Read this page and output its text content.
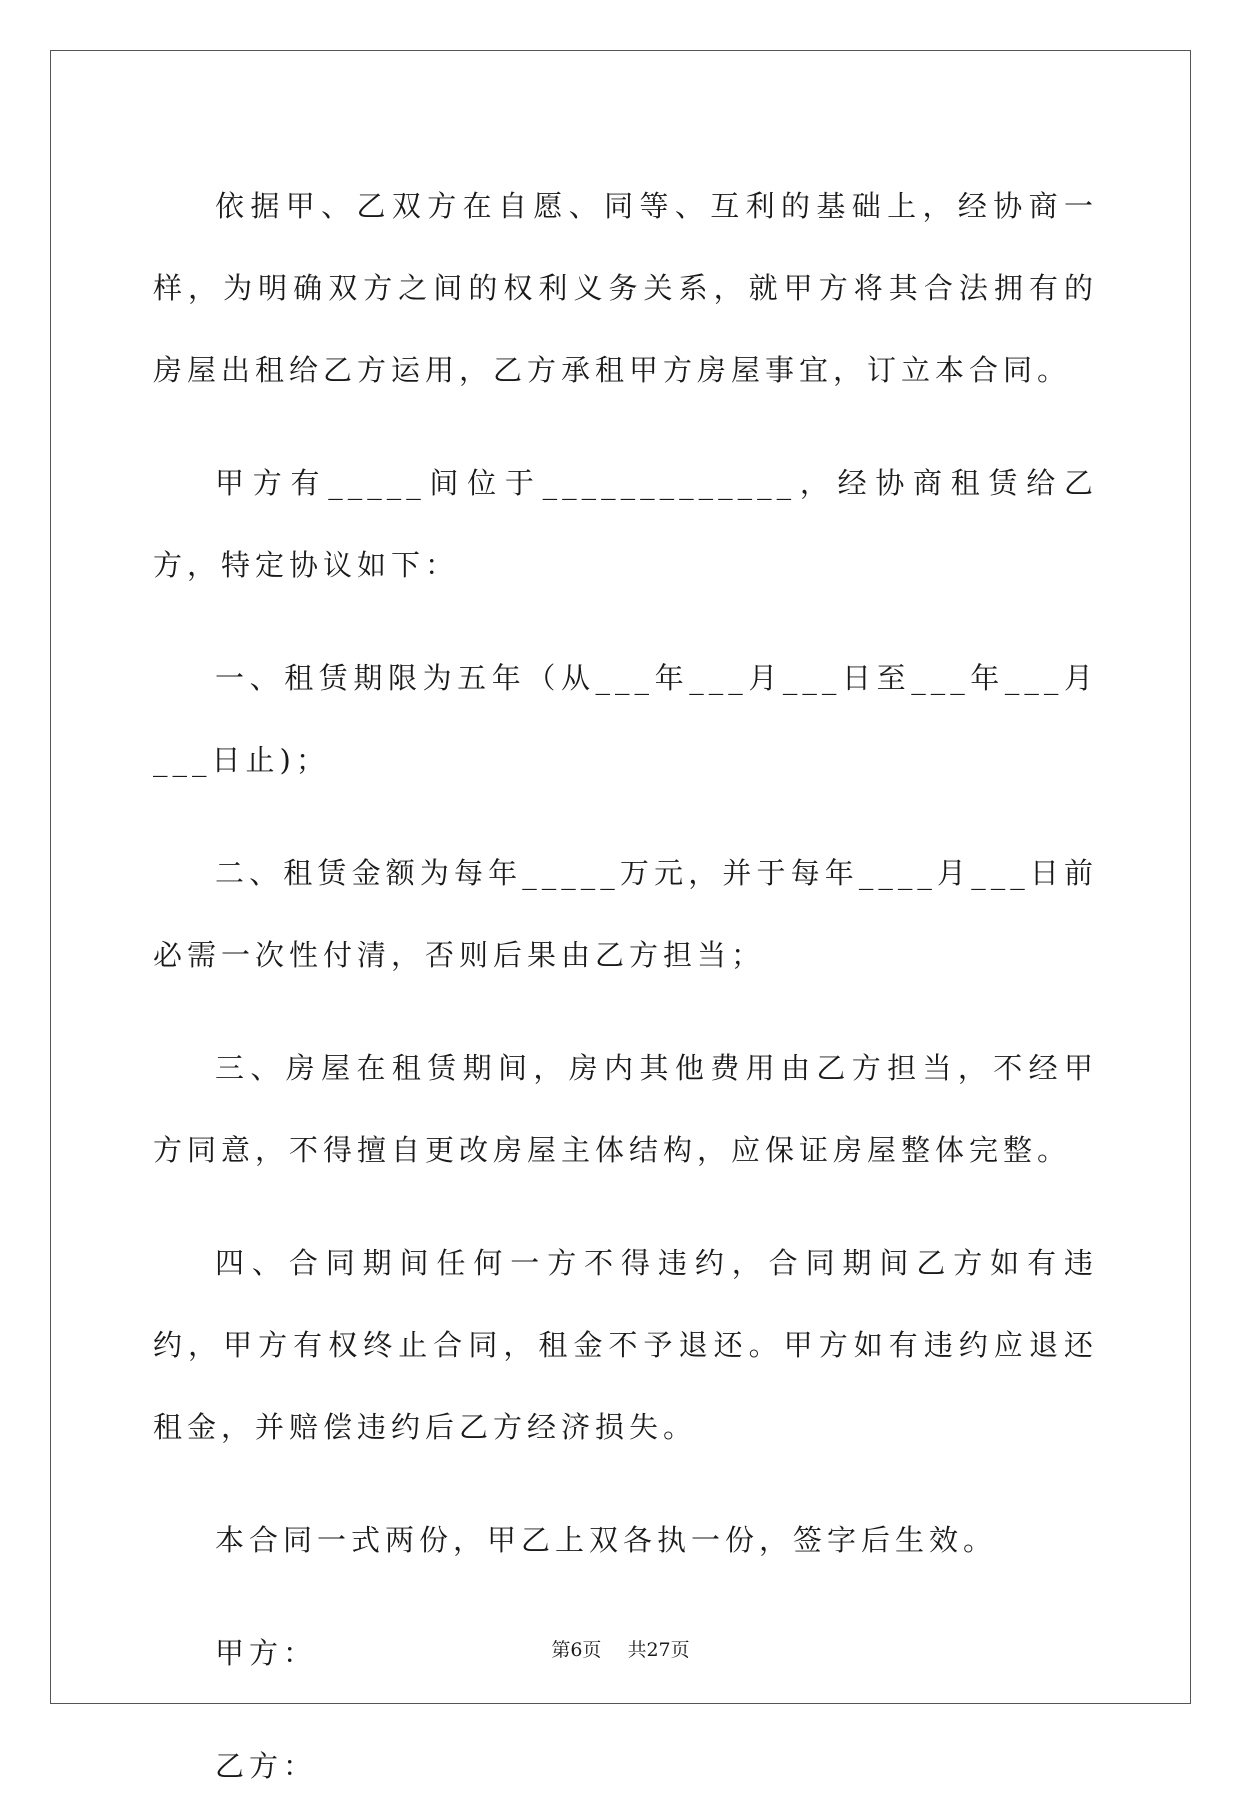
依据甲、乙双方在自愿、同等、互利的基础上，经协商一样，为明确双方之间的权利义务关系，就甲方将其合法拥有的房屋出租给乙方运用，乙方承租甲方房屋事宜，订立本合同。

甲方有_____间位于_____________，经协商租赁给乙方，特定协议如下：

一、租赁期限为五年（从___年___月___日至___年___月___日止)；

二、租赁金额为每年_____万元，并于每年____月___日前必需一次性付清，否则后果由乙方担当；

三、房屋在租赁期间，房内其他费用由乙方担当，不经甲方同意，不得擅自更改房屋主体结构，应保证房屋整体完整。

四、合同期间任何一方不得违约，合同期间乙方如有违约，甲方有权终止合同，租金不予退还。甲方如有违约应退还租金，并赔偿违约后乙方经济损失。

本合同一式两份，甲乙上双各执一份，签字后生效。

甲方：

乙方：

第6页 共27页
